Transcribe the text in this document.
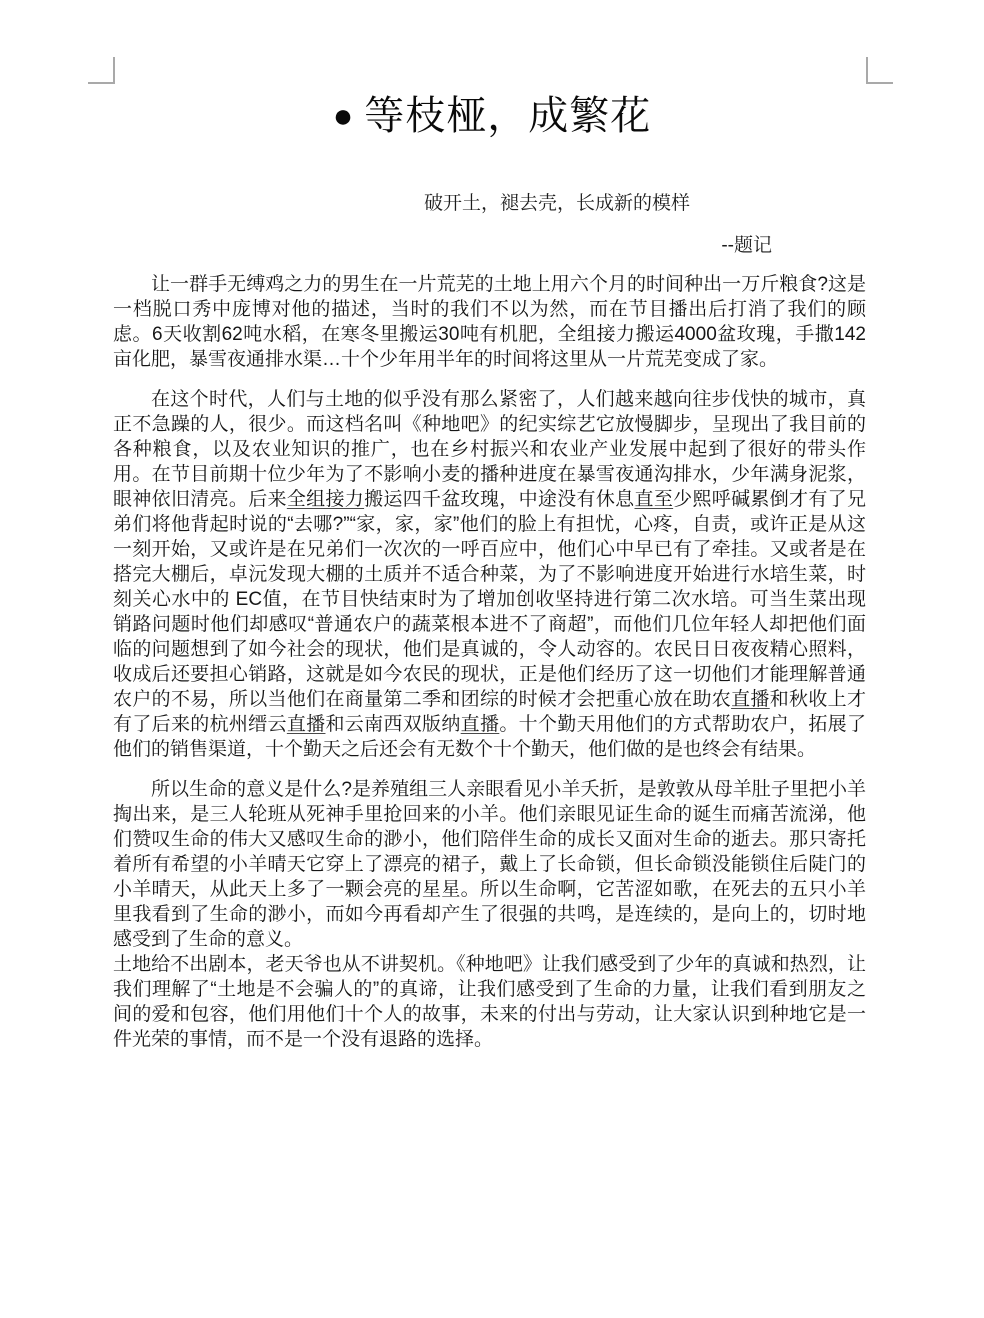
● 等枝桠，成繁花
破开土，褪去壳，长成新的模样
--题记

让一群手无缚鸡之力的男生在一片荒芜的土地上用六个月的时间种出一万斤粮食?这是一档脱口秀中庞博对他的描述，当时的我们不以为然，而在节目播出后打消了我们的顾虑。6天收割62吨水稻，在寒冬里搬运30吨有机肥，全组接力搬运4000盆玫瑰，手撒142亩化肥，暴雪夜通排水渠…十个少年用半年的时间将这里从一片荒芜变成了家。

在这个时代，人们与土地的似乎没有那么紧密了，人们越来越向往步伐快的城市，真正不急躁的人，很少。而这档名叫《种地吧》的纪实综艺它放慢脚步，呈现出了我目前的各种粮食，以及农业知识的推广，也在乡村振兴和农业产业发展中起到了很好的带头作用。在节目前期十位少年为了不影响小麦的播种进度在暴雪夜通沟排水，少年满身泥浆，眼神依旧清亮。后来全组接力搬运四千盆玫瑰，中途没有休息直至少熙呼碱累倒才有了兄弟们将他背起时说的“去哪?”“家，家，家”他们的脸上有担忧，心疼，自责，或许正是从这一刻开始，又或许是在兄弟们一次次的一呼百应中，他们心中早已有了牵挂。又或者是在搭完大棚后，卓沅发现大棚的土质并不适合种菜，为了不影响进度开始进行水培生菜，时刻关心水中的 EC值，在节目快结束时为了增加创收坚持进行第二次水培。可当生菜出现销路问题时他们却感叹“普通农户的蔬菜根本进不了商超”，而他们几位年轻人却把他们面临的问题想到了如今社会的现状，他们是真诚的，令人动容的。农民日日夜夜精心照料，收成后还要担心销路，这就是如今农民的现状，正是他们经历了这一切他们才能理解普通农户的不易，所以当他们在商量第二季和团综的时候才会把重心放在助农直播和秋收上才有了后来的杭州缙云直播和云南西双版纳直播。十个勤天用他们的方式帮助农户，拓展了他们的销售渠道，十个勤天之后还会有无数个十个勤天，他们做的是也终会有结果。

所以生命的意义是什么?是养殖组三人亲眼看见小羊夭折，是敦敦从母羊肚子里把小羊掏出来，是三人轮班从死神手里抢回来的小羊。他们亲眼见证生命的诞生而痛苦流涕，他们赞叹生命的伟大又感叹生命的渺小，他们陪伴生命的成长又面对生命的逝去。那只寄托着所有希望的小羊晴天它穿上了漂亮的裙子，戴上了长命锁，但长命锁没能锁住后陡门的小羊晴天，从此天上多了一颗会亮的星星。所以生命啊，它苦涩如歌，在死去的五只小羊里我看到了生命的渺小，而如今再看却产生了很强的共鸣，是连续的，是向上的，切时地感受到了生命的意义。

土地给不出剧本，老天爷也从不讲契机。《种地吧》让我们感受到了少年的真诚和热烈，让我们理解了“土地是不会骗人的”的真谛，让我们感受到了生命的力量，让我们看到朋友之间的爱和包容，他们用他们十个人的故事，未来的付出与劳动，让大家认识到种地它是一件光荣的事情，而不是一个没有退路的选择。
